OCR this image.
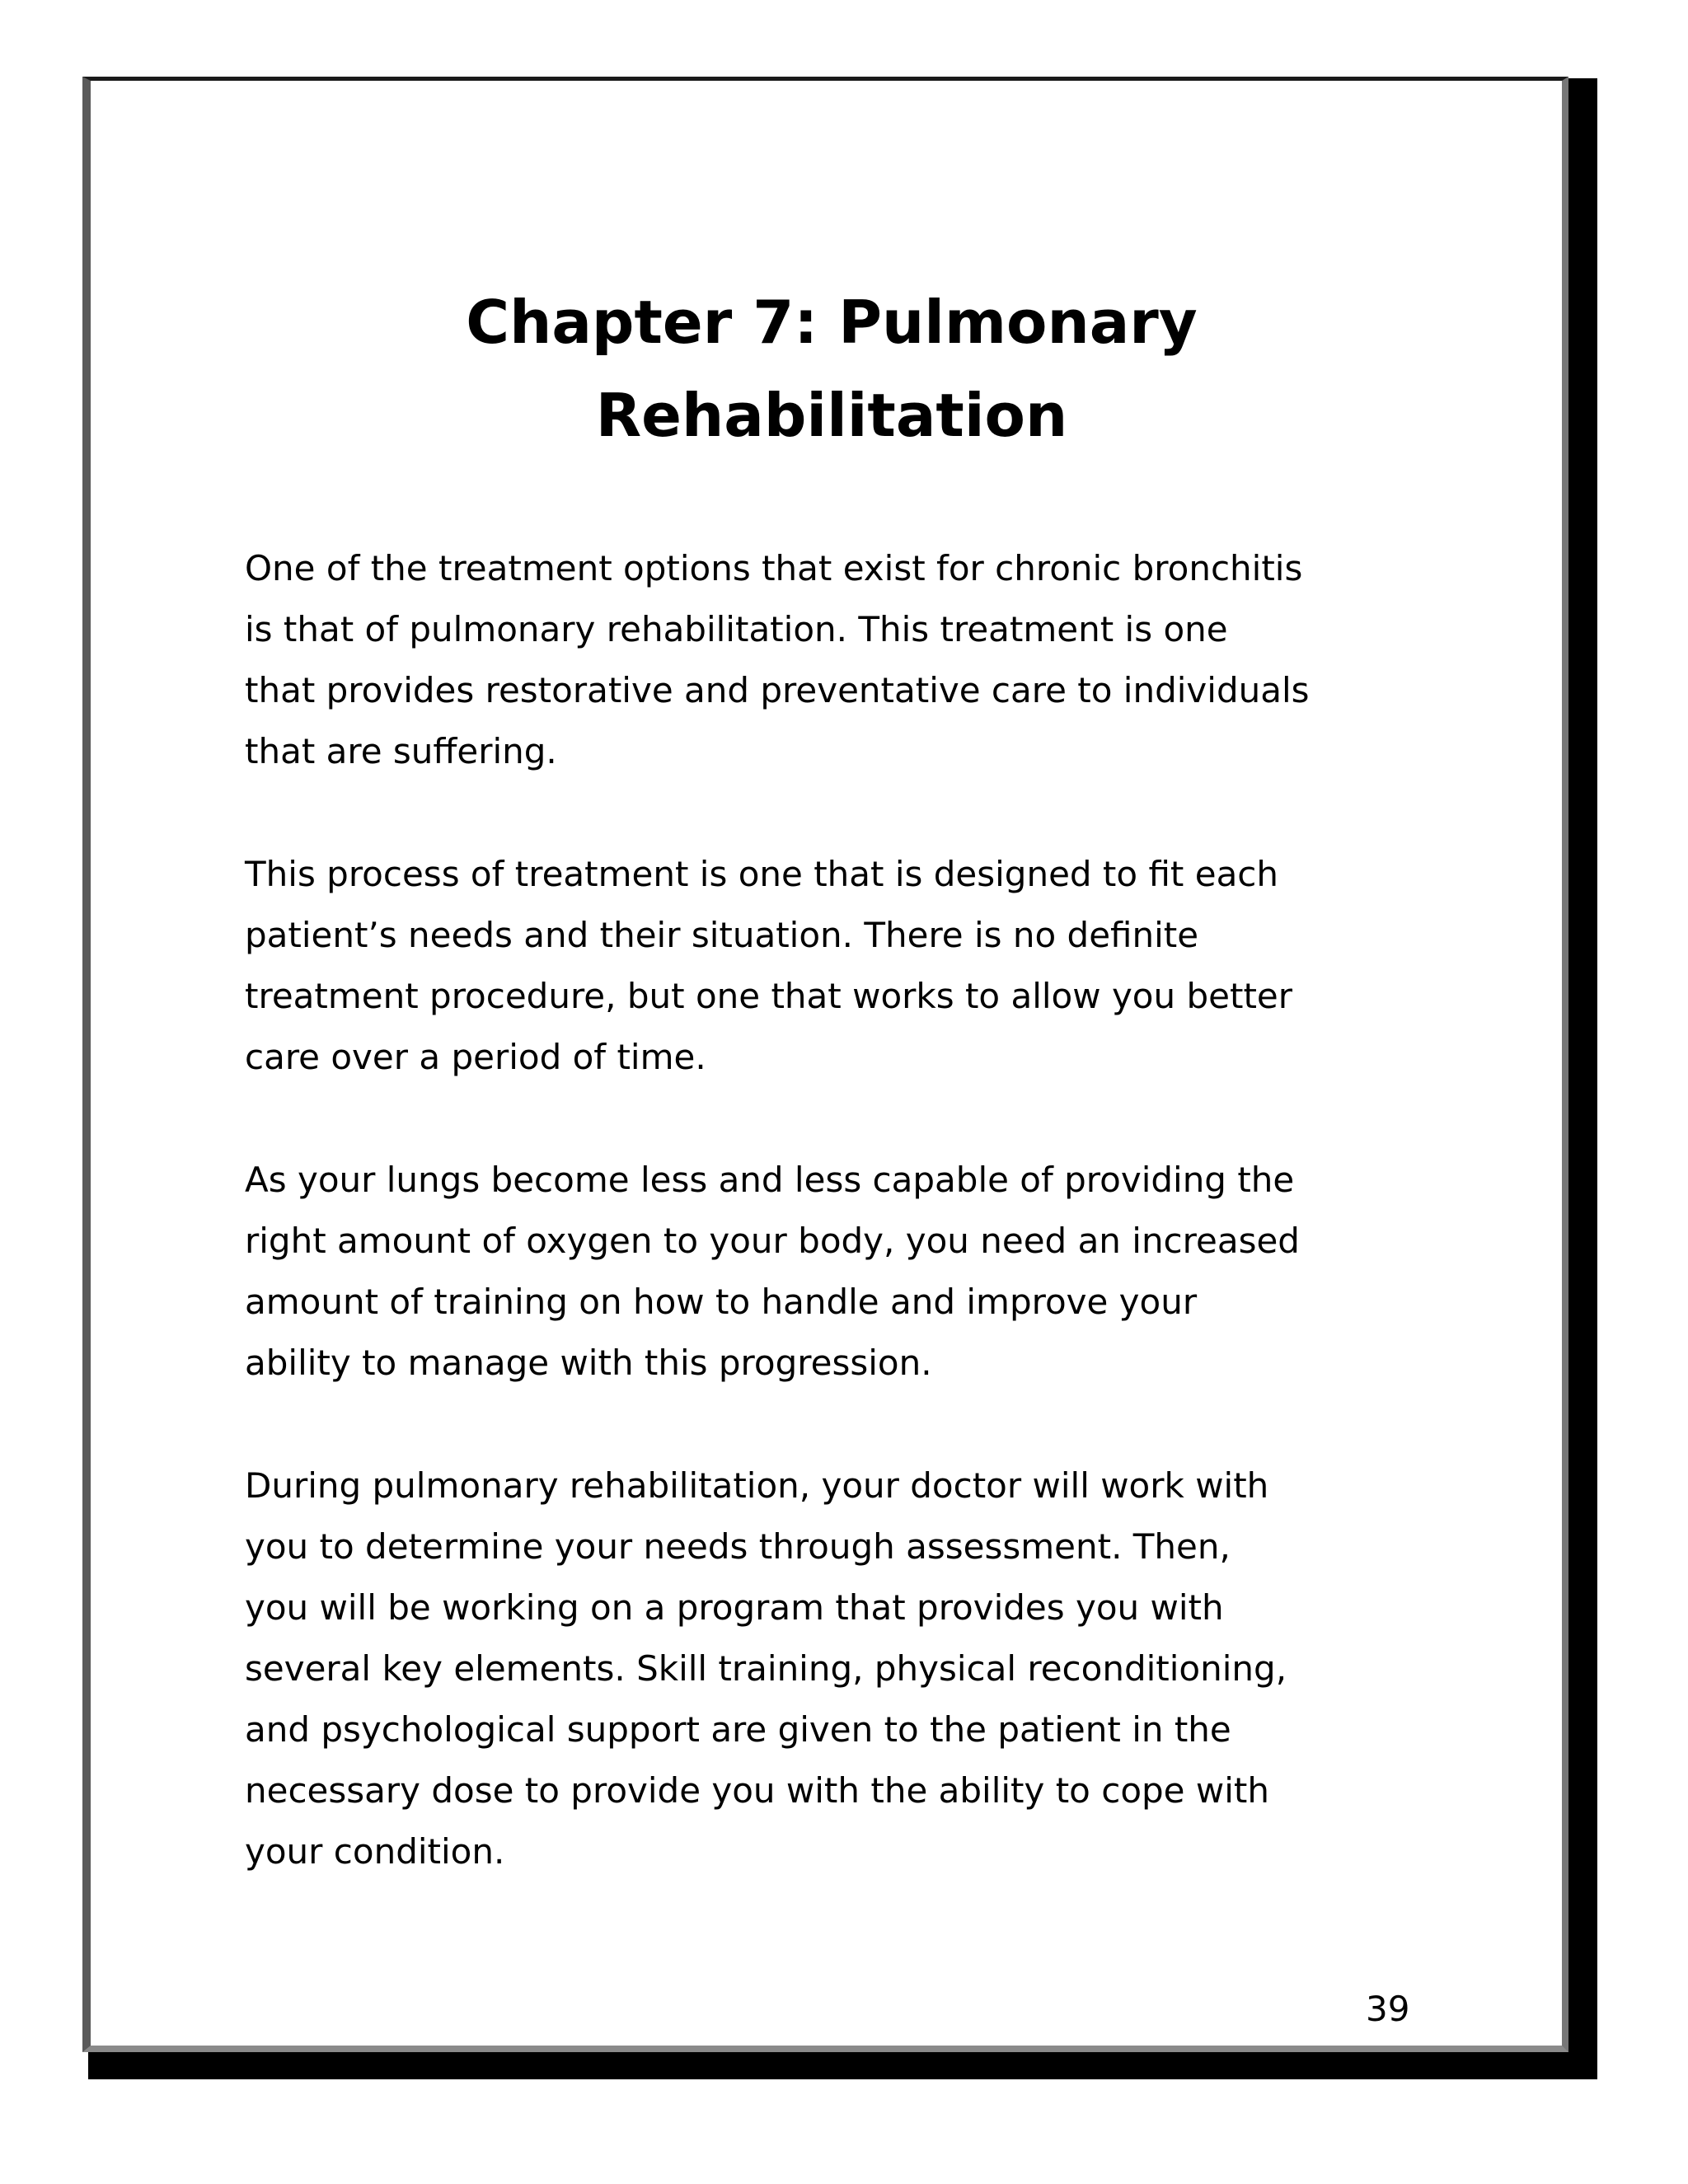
Chapter 7: Pulmonary
Rehabilitation

One of the treatment options that exist for chronic bronchitis
is that of pulmonary rehabilitation. This treatment is one
that provides restorative and preventative care to individuals
that are suffering.

This process of treatment is one that is designed to fit each
patient’s needs and their situation. There is no definite
treatment procedure, but one that works to allow you better
care over a period of time.

As your lungs become less and less capable of providing the
right amount of oxygen to your body, you need an increased
amount of training on how to handle and improve your
ability to manage with this progression.

During pulmonary rehabilitation, your doctor will work with
you to determine your needs through assessment. Then,
you will be working on a program that provides you with
several key elements. Skill training, physical reconditioning,
and psychological support are given to the patient in the
necessary dose to provide you with the ability to cope with
your condition.

39
